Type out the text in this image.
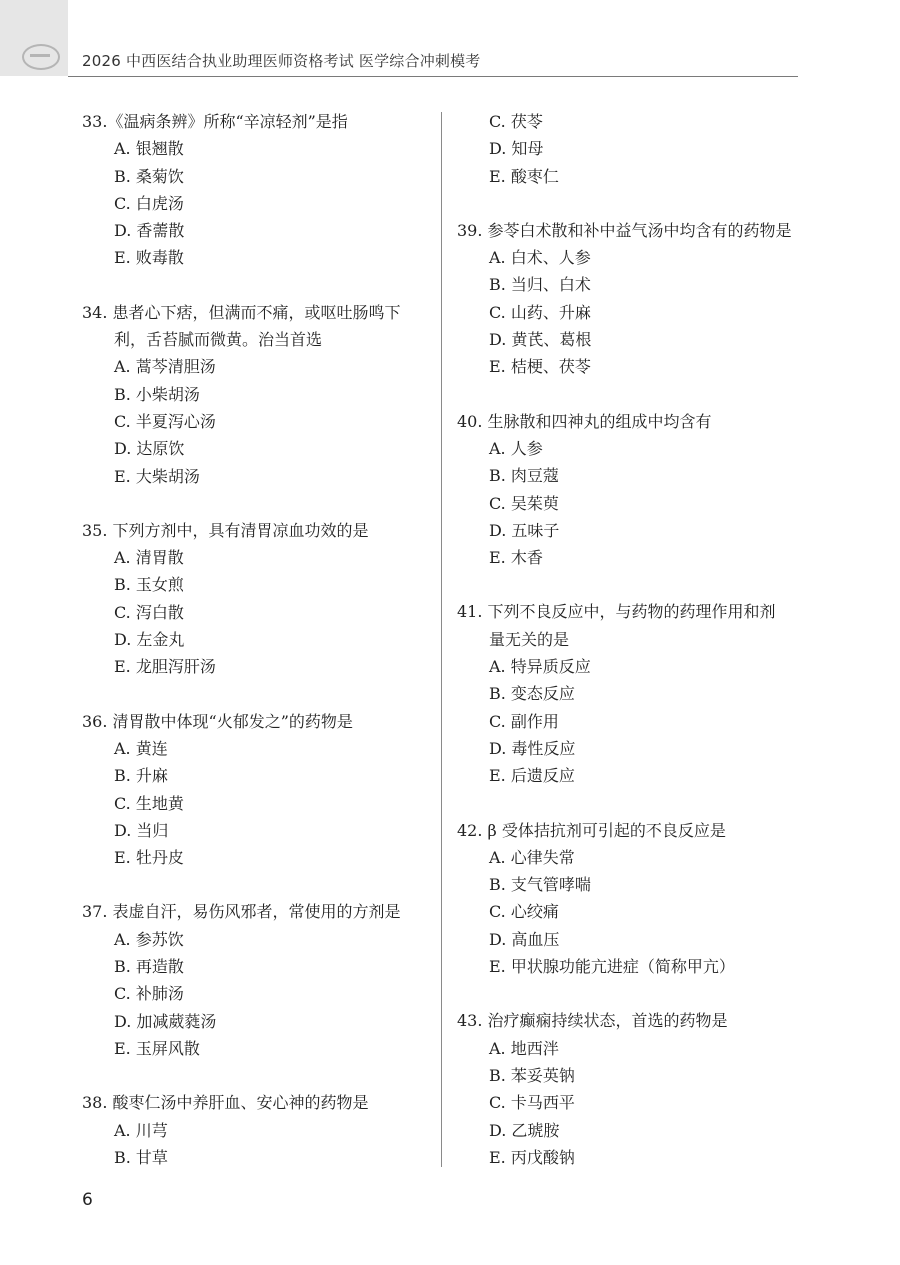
2026 中西医结合执业助理医师资格考试 医学综合冲刺模考
33.《温病条辨》所称“辛凉轻剂”是指
A. 银翘散
B. 桑菊饮
C. 白虎汤
D. 香薷散
E. 败毒散
34. 患者心下痞，但满而不痛，或呕吐肠鸣下
利，舌苔腻而微黄。治当首选
A. 蒿芩清胆汤
B. 小柴胡汤
C. 半夏泻心汤
D. 达原饮
E. 大柴胡汤
35. 下列方剂中，具有清胃凉血功效的是
A. 清胃散
B. 玉女煎
C. 泻白散
D. 左金丸
E. 龙胆泻肝汤
36. 清胃散中体现“火郁发之”的药物是
A. 黄连
B. 升麻
C. 生地黄
D. 当归
E. 牡丹皮
37. 表虚自汗，易伤风邪者，常使用的方剂是
A. 参苏饮
B. 再造散
C. 补肺汤
D. 加减葳蕤汤
E. 玉屏风散
38. 酸枣仁汤中养肝血、安心神的药物是
A. 川芎
B. 甘草
C. 茯苓
D. 知母
E. 酸枣仁
39. 参苓白术散和补中益气汤中均含有的药物是
A. 白术、人参
B. 当归、白术
C. 山药、升麻
D. 黄芪、葛根
E. 桔梗、茯苓
40. 生脉散和四神丸的组成中均含有
A. 人参
B. 肉豆蔻
C. 吴茱萸
D. 五味子
E. 木香
41. 下列不良反应中，与药物的药理作用和剂
量无关的是
A. 特异质反应
B. 变态反应
C. 副作用
D. 毒性反应
E. 后遗反应
42. β 受体拮抗剂可引起的不良反应是
A. 心律失常
B. 支气管哮喘
C. 心绞痛
D. 高血压
E. 甲状腺功能亢进症（简称甲亢）
43. 治疗癫痫持续状态，首选的药物是
A. 地西泮
B. 苯妥英钠
C. 卡马西平
D. 乙琥胺
E. 丙戊酸钠
6
